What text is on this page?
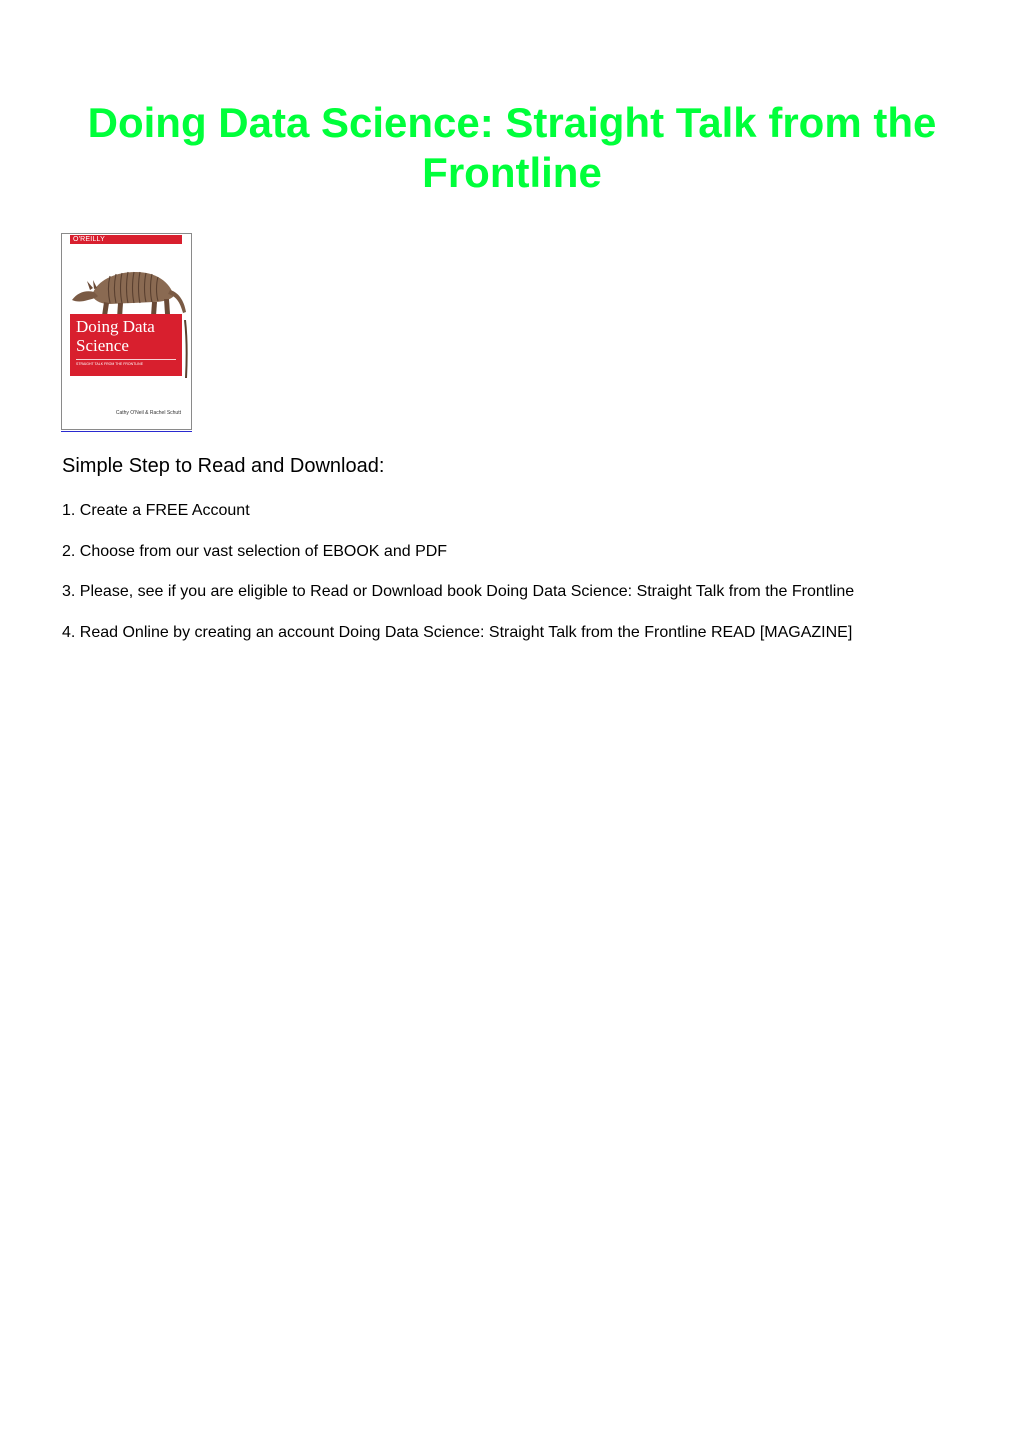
Doing Data Science: Straight Talk from the Frontline
O'REILLY
Doing Data
Science
STRAIGHT TALK FROM THE FRONTLINE
Cathy O'Neil & Rachel Schutt
Simple Step to Read and Download:
1. Create a FREE Account
2. Choose from our vast selection of EBOOK and PDF
3. Please, see if you are eligible to Read or Download book Doing Data Science: Straight Talk from the Frontline
4. Read Online by creating an account Doing Data Science: Straight Talk from the Frontline READ [MAGAZINE]
